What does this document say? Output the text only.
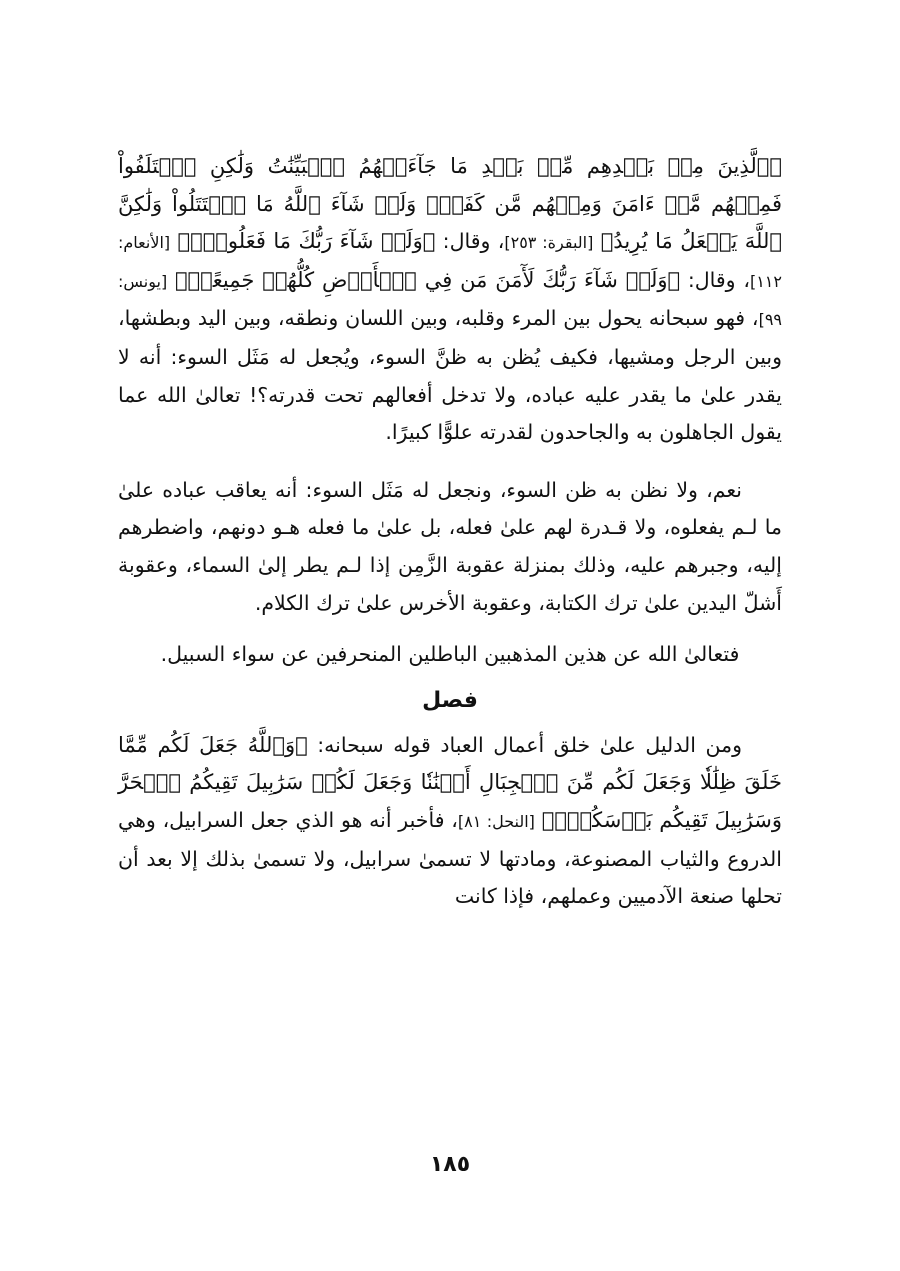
﴿ٱلَّذِينَ مِنۢ بَعۡدِهِم مِّنۢ بَعۡدِ مَا جَآءَتۡهُمُ ٱلۡبَيِّنَٰتُ وَلَٰكِنِ ٱخۡتَلَفُواْ فَمِنۡهُم مَّنۡ ءَامَنَ وَمِنۡهُم مَّن كَفَرَۚ وَلَوۡ شَآءَ ٱللَّهُ مَا ٱقۡتَتَلُواْ وَلَٰكِنَّ ٱللَّهَ يَفۡعَلُ مَا يُرِيدُ﴾ [البقرة: ٢٥٣]، وقال: ﴿وَلَوۡ شَآءَ رَبُّكَ مَا فَعَلُوهُۖ﴾ [الأنعام: ١١٢]، وقال: ﴿وَلَوۡ شَآءَ رَبُّكَ لَأٓمَنَ مَن فِي ٱلۡأَرۡضِ كُلُّهُمۡ جَمِيعًاۚ﴾ [يونس: ٩٩]، فهو سبحانه يحول بين المرء وقلبه، وبين اللسان ونطقه، وبين اليد وبطشها، وبين الرجل ومشيها، فكيف يُظن به ظنَّ السوء، ويُجعل له مَثَل السوء: أنه لا يقدر علىٰ ما يقدر عليه عباده، ولا تدخل أفعالهم تحت قدرته؟! تعالىٰ الله عما يقول الجاهلون به والجاحدون لقدرته علوًّا كبيرًا.

نعم، ولا نظن به ظن السوء، ونجعل له مَثَل السوء: أنه يعاقب عباده علىٰ ما لـم يفعلوه، ولا قـدرة لهم علىٰ فعله، بل علىٰ ما فعله هـو دونهم، واضطرهم إليه، وجبرهم عليه، وذلك بمنزلة عقوبة الزَّمِن إذا لـم يطر إلىٰ السماء، وعقوبة أَشلّ اليدين علىٰ ترك الكتابة، وعقوبة الأخرس علىٰ ترك الكلام.

فتعالىٰ الله عن هذين المذهبين الباطلين المنحرفين عن سواء السبيل.

فصل

ومن الدليل علىٰ خلق أعمال العباد قوله سبحانه: ﴿وَٱللَّهُ جَعَلَ لَكُم مِّمَّا خَلَقَ ظِلَٰلٗا وَجَعَلَ لَكُم مِّنَ ٱلۡجِبَالِ أَكۡنَٰنٗا وَجَعَلَ لَكُمۡ سَرَٰبِيلَ تَقِيكُمُ ٱلۡحَرَّ وَسَرَٰبِيلَ تَقِيكُم بَأۡسَكُمۡۚ﴾ [النحل: ٨١]، فأخبر أنه هو الذي جعل السرابيل، وهي الدروع والثياب المصنوعة، ومادتها لا تسمىٰ سرابيل، ولا تسمىٰ بذلك إلا بعد أن تحلها صنعة الآدميين وعملهم، فإذا كانت

١٨٥
